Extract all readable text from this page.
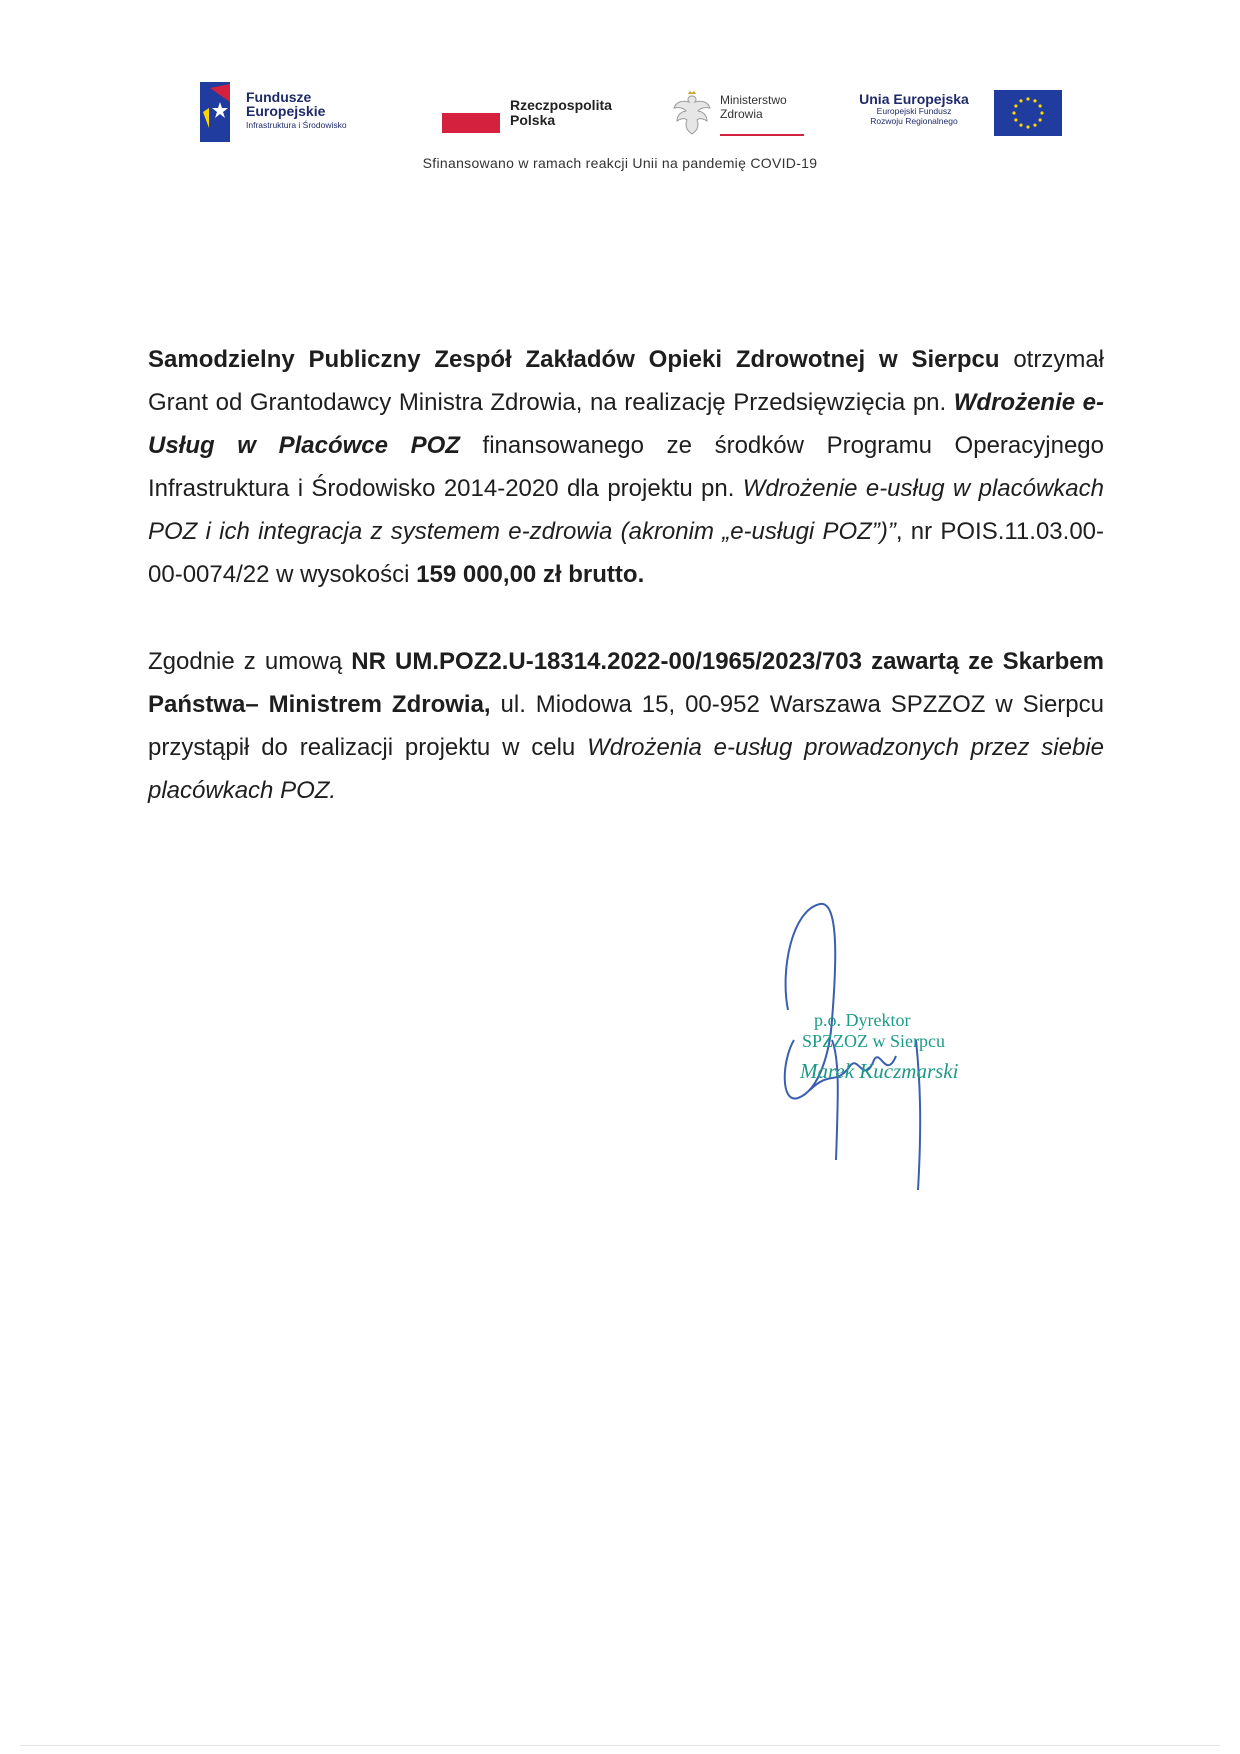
Fundusze
Europejskie
Infrastruktura i Środowisko
Rzeczpospolita
Polska
Ministerstwo
Zdrowia
Unia Europejska
Europejski Fundusz
Rozwoju Regionalnego
Sfinansowano w ramach reakcji Unii na pandemię COVID-19
Samodzielny Publiczny Zespół Zakładów Opieki Zdrowotnej w Sierpcu otrzymał Grant od Grantodawcy Ministra Zdrowia, na realizację Przedsięwzięcia pn. Wdrożenie e-Usług w Placówce POZ finansowanego ze środków Programu Operacyjnego Infrastruktura i Środowisko 2014-2020 dla projektu pn. Wdrożenie e-usług w placówkach POZ i ich integracja z systemem e-zdrowia (akronim „e-usługi POZ”)”, nr POIS.11.03.00-00-0074/22 w wysokości 159 000,00 zł brutto.
Zgodnie z umową NR UM.POZ2.U-18314.2022-00/1965/2023/703 zawartą ze Skarbem Państwa– Ministrem Zdrowia, ul. Miodowa 15, 00-952 Warszawa SPZZOZ w Sierpcu przystąpił do realizacji projektu w celu Wdrożenia e-usług prowadzonych przez siebie placówkach POZ.
p.o. Dyrektor
SPZZOZ w Sierpcu
Marek Kuczmarski
